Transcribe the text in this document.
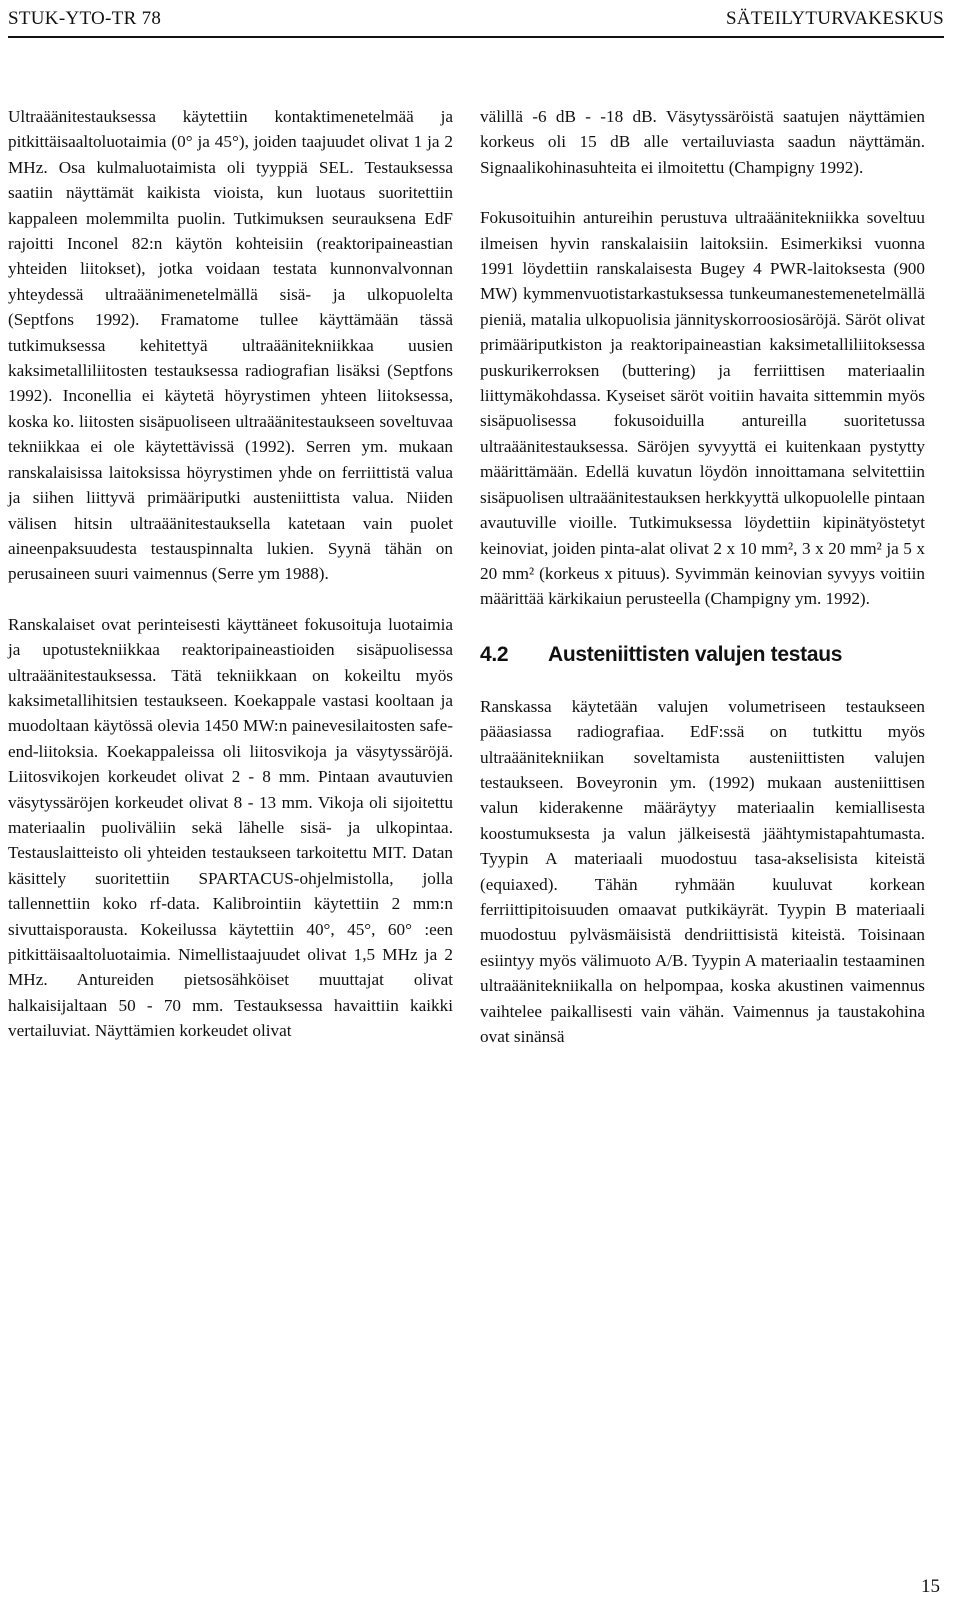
STUK-YTO-TR 78	SÄTEILYTURVAKESKUS

Ultraäänitestauksessa käytettiin kontaktimenetelmää ja pitkittäisaaltoluotaimia (0° ja 45°), joiden taajuudet olivat 1 ja 2 MHz. Osa kulmaluotaimista oli tyyppiä SEL. Testauksessa saatiin näyttämät kaikista vioista, kun luotaus suoritettiin kappaleen molemmilta puolin. Tutkimuksen seurauksena EdF rajoitti Inconel 82:n käytön kohteisiin (reaktoripaineastian yhteiden liitokset), jotka voidaan testata kunnonvalvonnan yhteydessä ultraäänimenetelmällä sisä- ja ulkopuolelta (Septfons 1992). Framatome tullee käyttämään tässä tutkimuksessa kehitettyä ultraäänitekniikkaa uusien kaksimetalliliitosten testauksessa radiografian lisäksi (Septfons 1992). Inconellia ei käytetä höyrystimen yhteen liitoksessa, koska ko. liitosten sisäpuoliseen ultraäänitestaukseen soveltuvaa tekniikkaa ei ole käytettävissä (1992). Serren ym. mukaan ranskalaisissa laitoksissa höyrystimen yhde on ferriittistä valua ja siihen liittyvä primääriputki austeniittista valua. Niiden välisen hitsin ultraäänitestauksella katetaan vain puolet aineenpaksuudesta testauspinnalta lukien. Syynä tähän on perusaineen suuri vaimennus (Serre ym 1988).

Ranskalaiset ovat perinteisesti käyttäneet fokusoituja luotaimia ja upotustekniikkaa reaktoripaineastioiden sisäpuolisessa ultraäänitestauksessa. Tätä tekniikkaan on kokeiltu myös kaksimetallihitsien testaukseen. Koekappale vastasi kooltaan ja muodoltaan käytössä olevia 1450 MW:n painevesilaitosten safe-end-liitoksia. Koekappaleissa oli liitosvikoja ja väsytyssäröjä. Liitosvikojen korkeudet olivat 2 - 8 mm. Pintaan avautuvien väsytyssäröjen korkeudet olivat 8 - 13 mm. Vikoja oli sijoitettu materiaalin puoliväliin sekä lähelle sisä- ja ulkopintaa. Testauslaitteisto oli yhteiden testaukseen tarkoitettu MIT. Datan käsittely suoritettiin SPARTACUS-ohjelmistolla, jolla tallennettiin koko rf-data. Kalibrointiin käytettiin 2 mm:n sivuttaisporausta. Kokeilussa käytettiin 40°, 45°, 60° :een pitkittäisaaltoluotaimia. Nimellistaajuudet olivat 1,5 MHz ja 2 MHz. Antureiden pietsosähköiset muuttajat olivat halkaisijaltaan 50 - 70 mm. Testauksessa havaittiin kaikki vertailuviat. Näyttämien korkeudet olivat

välillä -6 dB - -18 dB. Väsytyssäröistä saatujen näyttämien korkeus oli 15 dB alle vertailuviasta saadun näyttämän. Signaalikohinasuhteita ei ilmoitettu (Champigny 1992).

Fokusoituihin antureihin perustuva ultraäänitekniikka soveltuu ilmeisen hyvin ranskalaisiin laitoksiin. Esimerkiksi vuonna 1991 löydettiin ranskalaisesta Bugey 4 PWR-laitoksesta (900 MW) kymmenvuotistarkastuksessa tunkeumanestemenetelmällä pieniä, matalia ulkopuolisia jännityskorroosiosäröjä. Säröt olivat primääriputkiston ja reaktoripaineastian kaksimetalliliitoksessa puskurikerroksen (buttering) ja ferriittisen materiaalin liittymäkohdassa. Kyseiset säröt voitiin havaita sittemmin myös sisäpuolisessa fokusoiduilla antureilla suoritetussa ultraäänitestauksessa. Säröjen syvyyttä ei kuitenkaan pystytty määrittämään. Edellä kuvatun löydön innoittamana selvitettiin sisäpuolisen ultraäänitestauksen herkkyyttä ulkopuolelle pintaan avautuville vioille. Tutkimuksessa löydettiin kipinätyöstetyt keinoviat, joiden pinta-alat olivat 2 x 10 mm², 3 x 20 mm² ja 5 x 20 mm² (korkeus x pituus). Syvimmän keinovian syvyys voitiin määrittää kärkikaiun perusteella (Champigny ym. 1992).

4.2 Austeniittisten valujen testaus

Ranskassa käytetään valujen volumetriseen testaukseen pääasiassa radiografiaa. EdF:ssä on tutkittu myös ultraäänitekniikan soveltamista austeniittisten valujen testaukseen. Boveyronin ym. (1992) mukaan austeniittisen valun kiderakenne määräytyy materiaalin kemiallisesta koostumuksesta ja valun jälkeisestä jäähtymistapahtumasta. Tyypin A materiaali muodostuu tasa-akselisista kiteistä (equiaxed). Tähän ryhmään kuuluvat korkean ferriittipitoisuuden omaavat putkikäyrät. Tyypin B materiaali muodostuu pylväsmäisistä dendriittisistä kiteistä. Toisinaan esiintyy myös välimuoto A/B. Tyypin A materiaalin testaaminen ultraäänitekniikalla on helpompaa, koska akustinen vaimennus vaihtelee paikallisesti vain vähän. Vaimennus ja taustakohina ovat sinänsä

15
